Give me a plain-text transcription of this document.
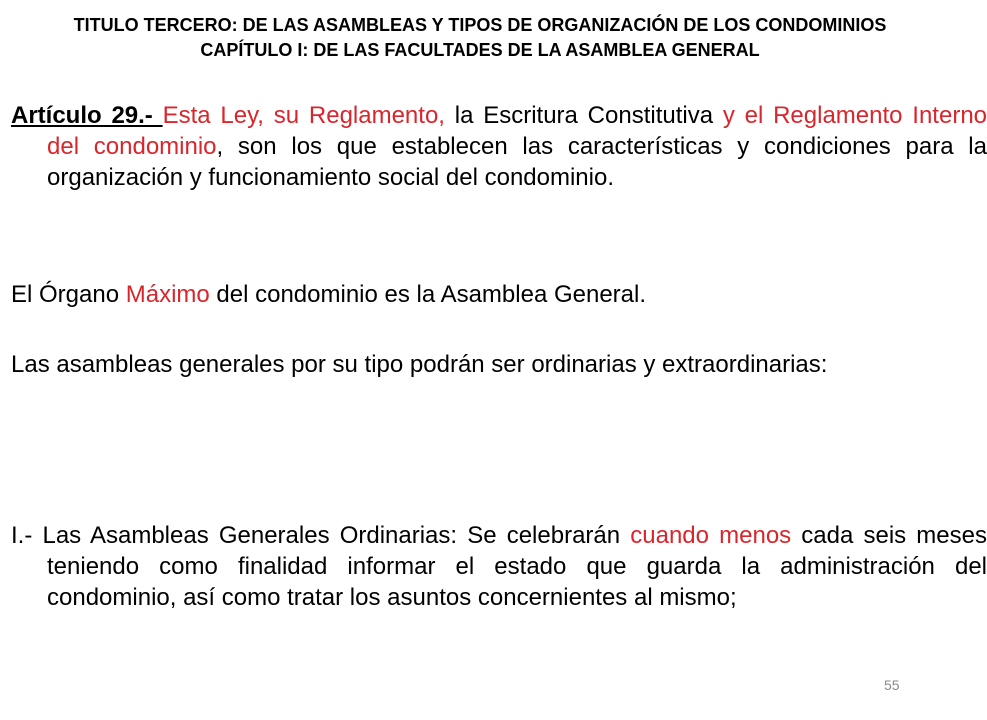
TITULO TERCERO: DE LAS ASAMBLEAS Y TIPOS DE ORGANIZACIÓN DE LOS CONDOMINIOS
CAPÍTULO I: DE LAS FACULTADES DE LA ASAMBLEA GENERAL
Artículo 29.- Esta Ley, su Reglamento, la Escritura Constitutiva y el Reglamento Interno del condominio, son los que establecen las características y condiciones para la organización y funcionamiento social del condominio.
El Órgano Máximo del condominio es la Asamblea General.
Las asambleas generales por su tipo podrán ser ordinarias y extraordinarias:
I.- Las Asambleas Generales Ordinarias: Se celebrarán cuando menos cada seis meses teniendo como finalidad informar el estado que guarda la administración del condominio, así como tratar los asuntos concernientes al mismo;
55
